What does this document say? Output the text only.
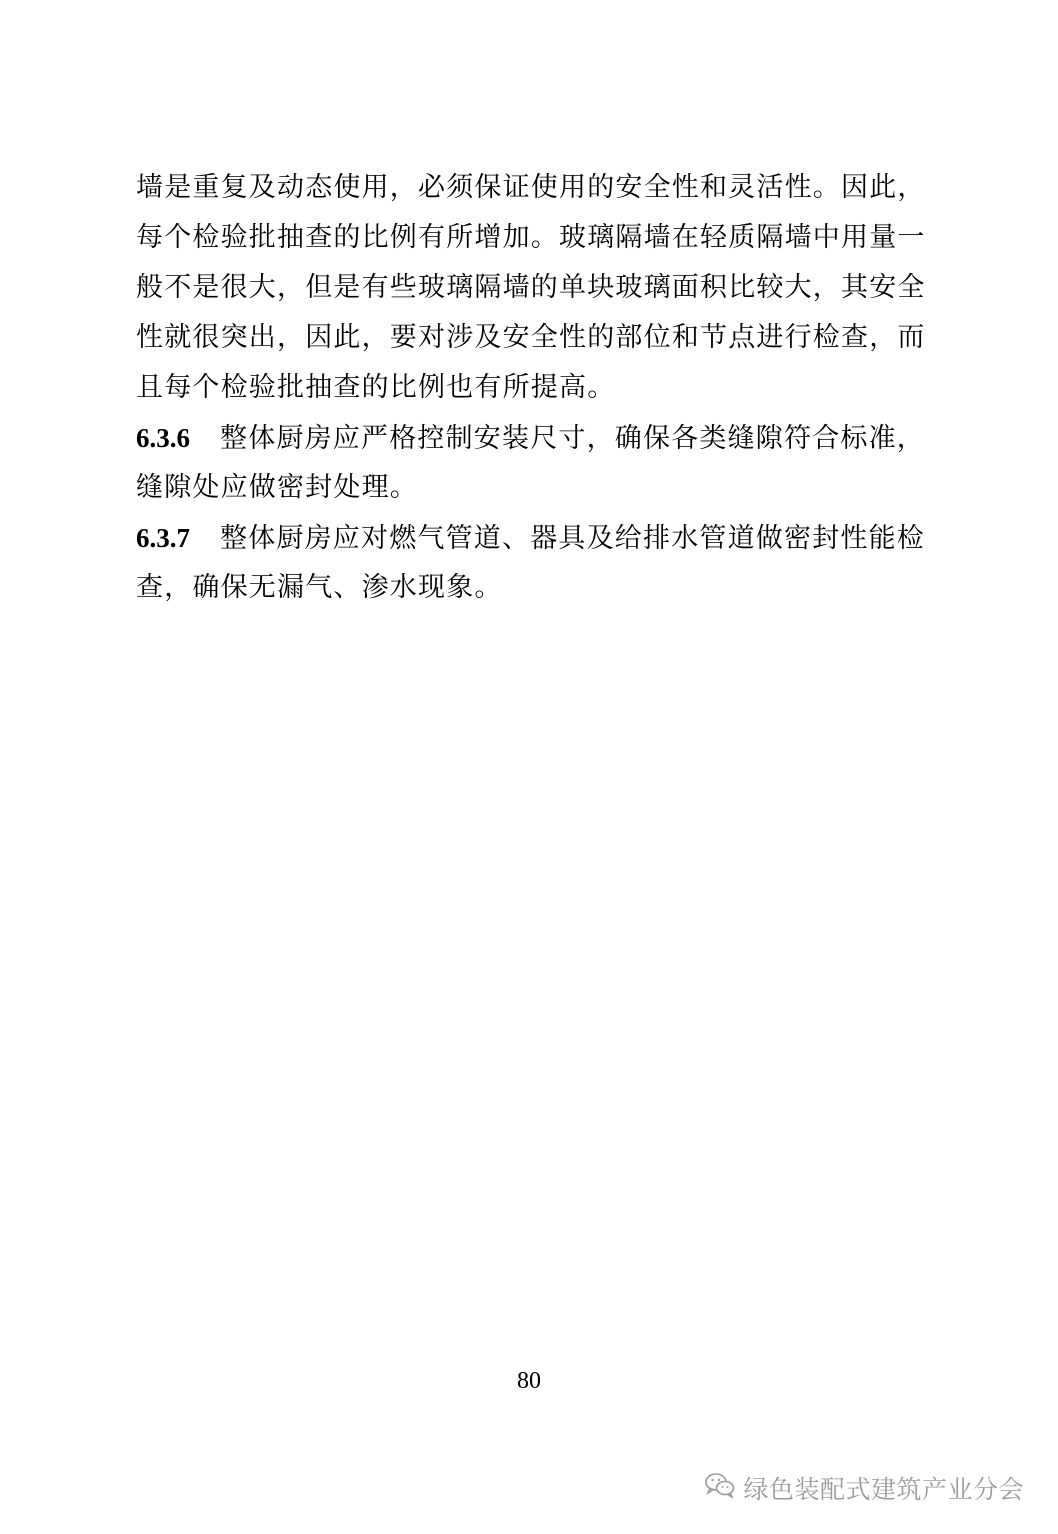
墙是重复及动态使用，必须保证使用的安全性和灵活性。因此，
每个检验批抽查的比例有所增加。玻璃隔墙在轻质隔墙中用量一
般不是很大，但是有些玻璃隔墙的单块玻璃面积比较大，其安全
性就很突出，因此，要对涉及安全性的部位和节点进行检查，而
且每个检验批抽查的比例也有所提高。
6.3.6 整体厨房应严格控制安装尺寸，确保各类缝隙符合标准，
缝隙处应做密封处理。
6.3.7 整体厨房应对燃气管道、器具及给排水管道做密封性能检
查，确保无漏气、渗水现象。
80
绿色装配式建筑产业分会
